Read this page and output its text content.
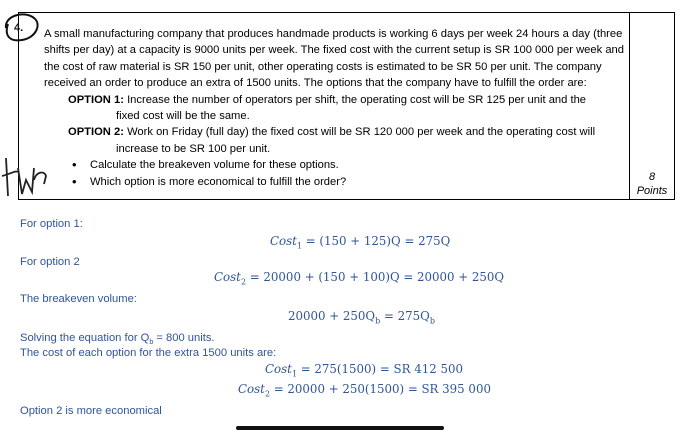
8
Points
4. A small manufacturing company that produces handmade products is working 6 days per week 24 hours a day (three shifts per day) at a capacity is 9000 units per week. The fixed cost with the current setup is SR 100 000 per week and the cost of raw material is SR 150 per unit, other operating costs is estimated to be SR 50 per unit. The company received an order to produce an extra of 1500 units. The options that the company have to fulfill the order are:

OPTION 1: Increase the number of operators per shift, the operating cost will be SR 125 per unit and the
fixed cost will be the same.
OPTION 2: Work on Friday (full day) the fixed cost will be SR 120 000 per week and the operating cost will
increase to be SR 100 per unit.
• Calculate the breakeven volume for these options.
• Which option is more economical to fulfill the order?
For option 1:
Cost$_1$ = (150 + 125)Q = 275Q
For option 2
Cost$_2$ = 20000 + (150 + 100)Q = 20000 + 250Q
The breakeven volume:
$20000 + 250Q_b = 275Q_b$
Solving the equation for $Q_b = 800$ units.
The cost of each option for the extra 1500 units are:
Cost$_1$ = 275(1500) = SR 412 500
Cost$_2$ = 20000 + 250(1500) = SR 395 000
Option 2 is more economical
